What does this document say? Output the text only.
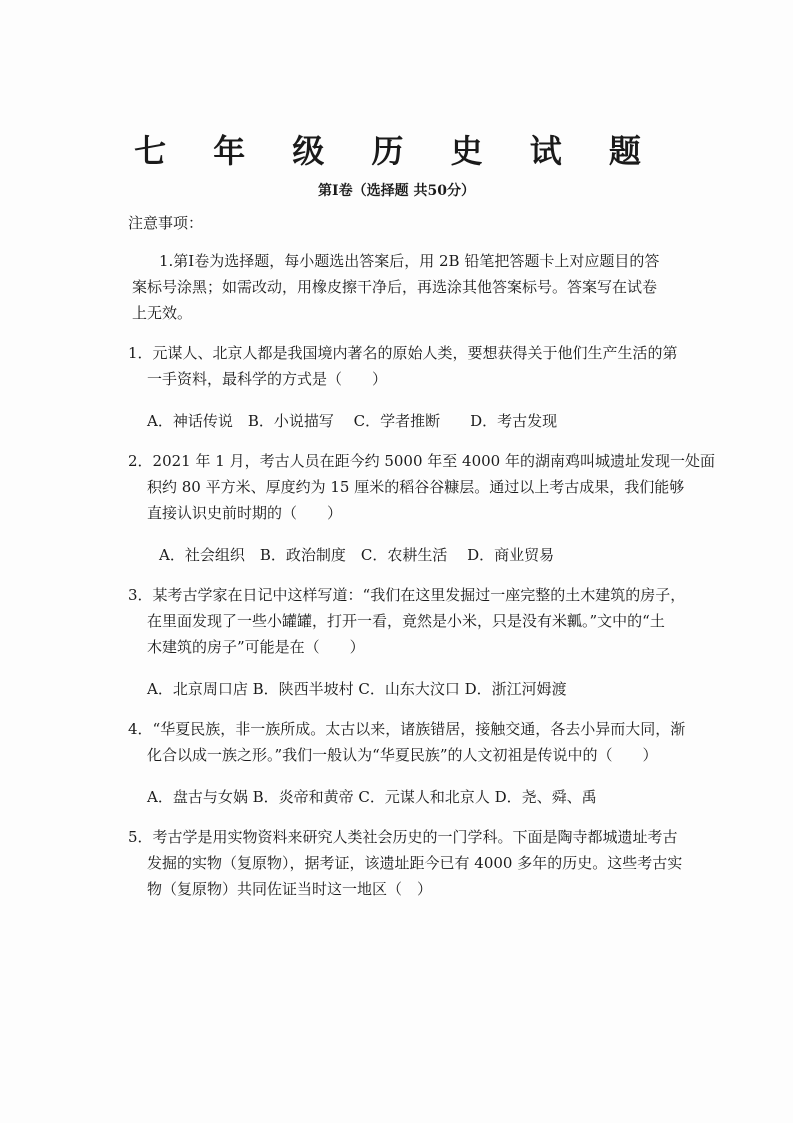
七 年 级 历 史 试 题
第Ⅰ卷（选择题 共50分）
注意事项：
1.第Ⅰ卷为选择题，每小题选出答案后，用 2B 铅笔把答题卡上对应题目的答
案标号涂黑；如需改动，用橡皮擦干净后，再选涂其他答案标号。答案写在试卷
上无效。
1．元谋人、北京人都是我国境内著名的原始人类，要想获得关于他们生产生活的第
一手资料，最科学的方式是（　　）
A．神话传说　B．小说描写　 C．学者推断　　D．考古发现
2．2021 年 1 月，考古人员在距今约 5000 年至 4000 年的湖南鸡叫城遗址发现一处面
积约 80 平方米、厚度约为 15 厘米的稻谷谷糠层。通过以上考古成果，我们能够
直接认识史前时期的（　　）
A．社会组织　B．政治制度　C．农耕生活　 D．商业贸易
3．某考古学家在日记中这样写道：“我们在这里发掘过一座完整的土木建筑的房子，
在里面发现了一些小罐罐，打开一看，竟然是小米，只是没有米瓤。”文中的“土
木建筑的房子”可能是在（　　）
A．北京周口店 B．陕西半坡村 C．山东大汶口 D．浙江河姆渡
4．“华夏民族，非一族所成。太古以来，诸族错居，接触交通，各去小异而大同，渐
化合以成一族之形。”我们一般认为“华夏民族”的人文初祖是传说中的（　　）
A．盘古与女娲 B．炎帝和黄帝 C．元谋人和北京人 D．尧、舜、禹
5．考古学是用实物资料来研究人类社会历史的一门学科。下面是陶寺都城遗址考古
发掘的实物（复原物），据考证，该遗址距今已有 4000 多年的历史。这些考古实
物（复原物）共同佐证当时这一地区（　）
